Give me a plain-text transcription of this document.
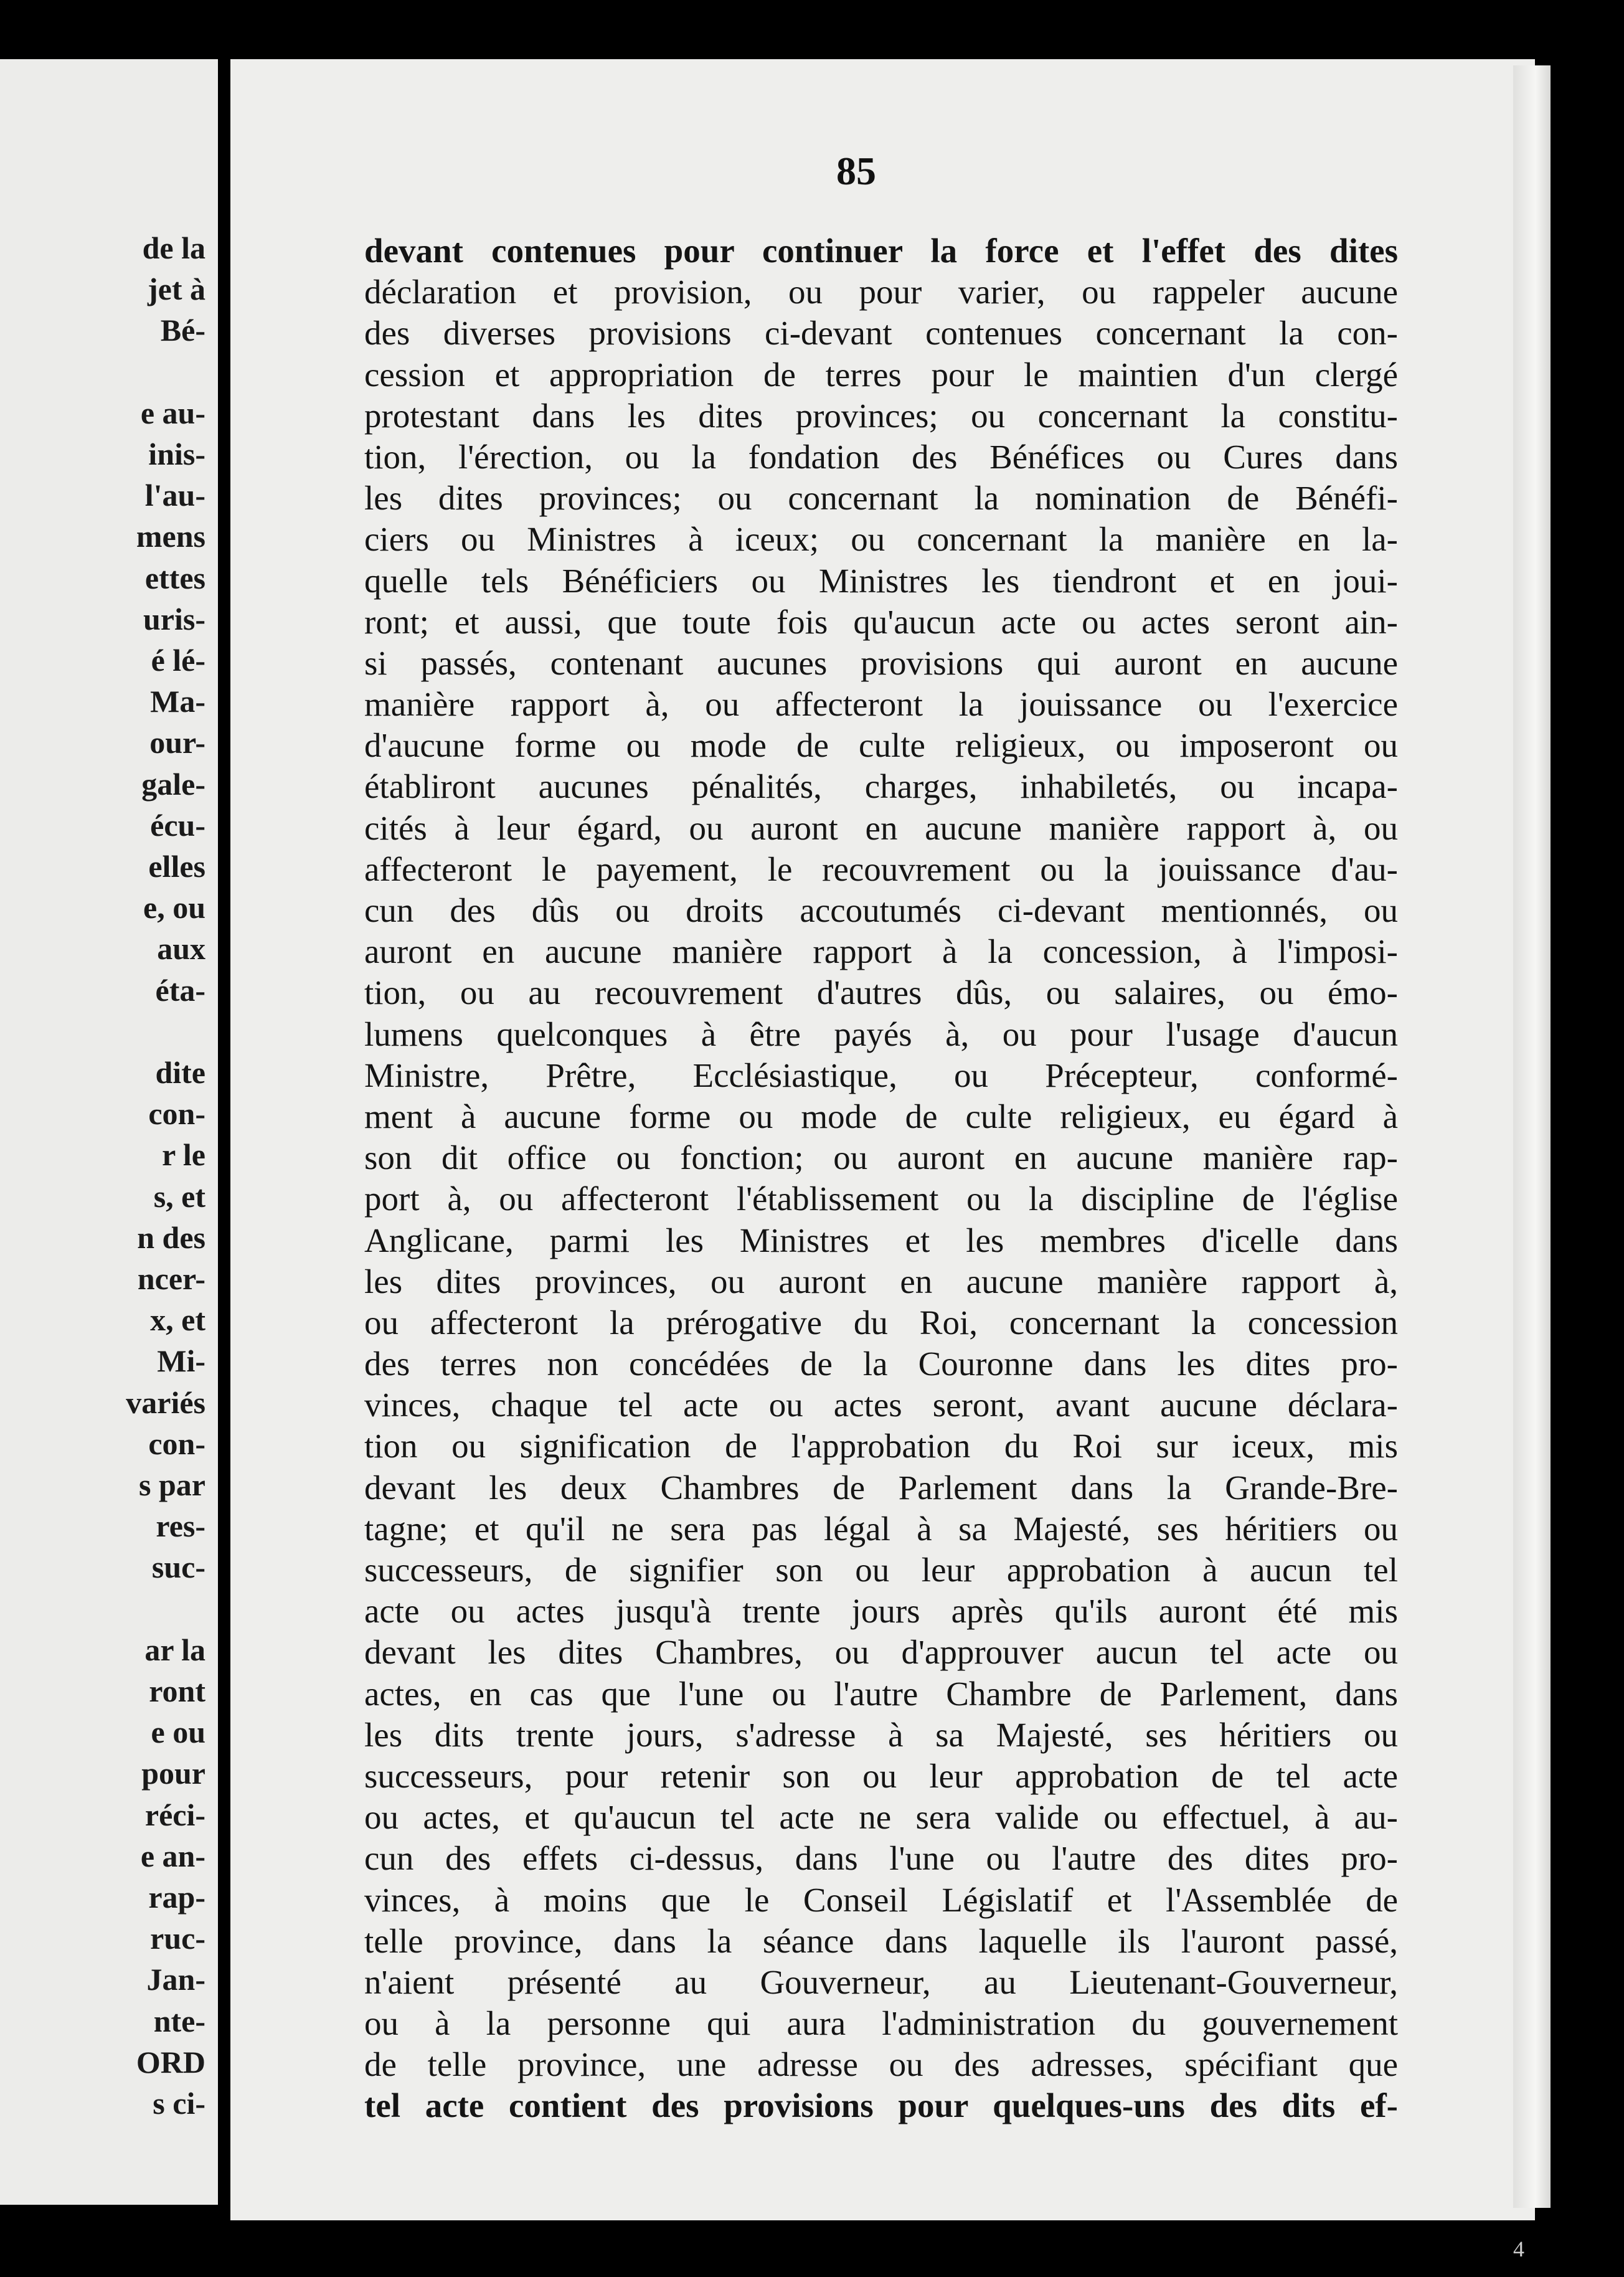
de la
jet à
Bé-
e au-
inis-
l'au-
mens
ettes
uris-
é lé-
Ma-
our-
gale-
écu-
elles
e, ou
aux
éta-
dite
con-
r le
s, et
n des
ncer-
x, et
Mi-
variés
con-
s par
res-
suc-
ar la
ront
e ou
pour
réci-
e an-
rap-
ruc-
Jan-
nte-
ORD
s ci-
85
devant contenues pour continuer la force et l'effet des dites
déclaration et provision, ou pour varier, ou rappeler aucune
des diverses provisions ci-devant contenues concernant la con-
cession et appropriation de terres pour le maintien d'un clergé
protestant dans les dites provinces; ou concernant la constitu-
tion, l'érection, ou la fondation des Bénéfices ou Cures dans
les dites provinces; ou concernant la nomination de Bénéfi-
ciers ou Ministres à iceux; ou concernant la manière en la-
quelle tels Bénéficiers ou Ministres les tiendront et en joui-
ront; et aussi, que toute fois qu'aucun acte ou actes seront ain-
si passés, contenant aucunes provisions qui auront en aucune
manière rapport à, ou affecteront la jouissance ou l'exercice
d'aucune forme ou mode de culte religieux, ou imposeront ou
établiront aucunes pénalités, charges, inhabiletés, ou incapa-
cités à leur égard, ou auront en aucune manière rapport à, ou
affecteront le payement, le recouvrement ou la jouissance d'au-
cun des dûs ou droits accoutumés ci-devant mentionnés, ou
auront en aucune manière rapport à la concession, à l'imposi-
tion, ou au recouvrement d'autres dûs, ou salaires, ou émo-
lumens quelconques à être payés à, ou pour l'usage d'aucun
Ministre, Prêtre, Ecclésiastique, ou Précepteur, conformé-
ment à aucune forme ou mode de culte religieux, eu égard à
son dit office ou fonction; ou auront en aucune manière rap-
port à, ou affecteront l'établissement ou la discipline de l'église
Anglicane, parmi les Ministres et les membres d'icelle dans
les dites provinces, ou auront en aucune manière rapport à,
ou affecteront la prérogative du Roi, concernant la concession
des terres non concédées de la Couronne dans les dites pro-
vinces, chaque tel acte ou actes seront, avant aucune déclara-
tion ou signification de l'approbation du Roi sur iceux, mis
devant les deux Chambres de Parlement dans la Grande-Bre-
tagne; et qu'il ne sera pas légal à sa Majesté, ses héritiers ou
successeurs, de signifier son ou leur approbation à aucun tel
acte ou actes jusqu'à trente jours après qu'ils auront été mis
devant les dites Chambres, ou d'approuver aucun tel acte ou
actes, en cas que l'une ou l'autre Chambre de Parlement, dans
les dits trente jours, s'adresse à sa Majesté, ses héritiers ou
successeurs, pour retenir son ou leur approbation de tel acte
ou actes, et qu'aucun tel acte ne sera valide ou effectuel, à au-
cun des effets ci-dessus, dans l'une ou l'autre des dites pro-
vinces, à moins que le Conseil Législatif et l'Assemblée de
telle province, dans la séance dans laquelle ils l'auront passé,
n'aient présenté au Gouverneur, au Lieutenant-Gouverneur,
ou à la personne qui aura l'administration du gouvernement
de telle province, une adresse ou des adresses, spécifiant que
tel acte contient des provisions pour quelques-uns des dits ef-
4
